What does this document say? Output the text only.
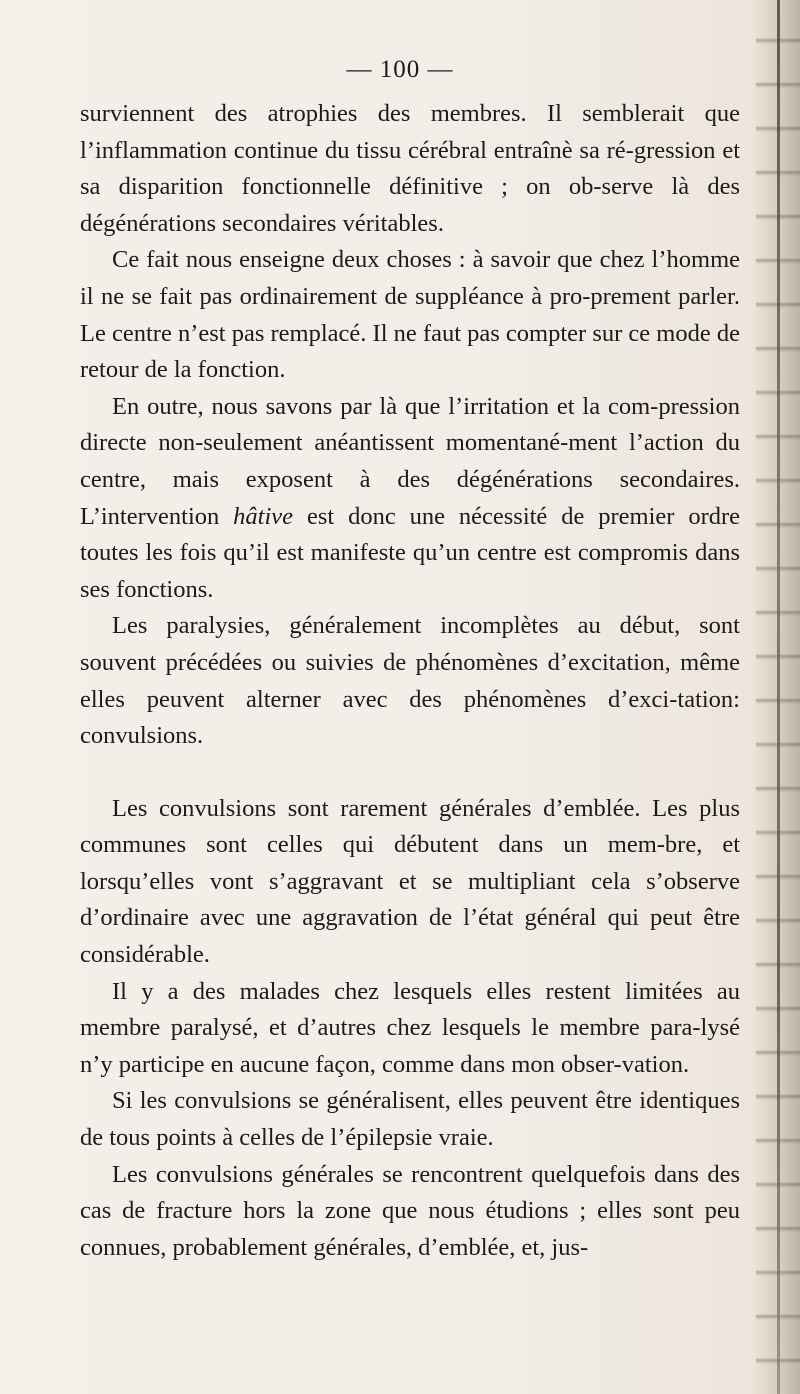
— 100 —

surviennent des atrophies des membres. Il semblerait que l’inflammation continue du tissu cérébral entraînè sa ré-gression et sa disparition fonctionnelle définitive ; on ob-serve là des dégénérations secondaires véritables.

Ce fait nous enseigne deux choses : à savoir que chez l’homme il ne se fait pas ordinairement de suppléance à pro-prement parler. Le centre n’est pas remplacé. Il ne faut pas compter sur ce mode de retour de la fonction.

En outre, nous savons par là que l’irritation et la com-pression directe non-seulement anéantissent momentané-ment l’action du centre, mais exposent à des dégénérations secondaires. L’intervention hâtive est donc une nécessité de premier ordre toutes les fois qu’il est manifeste qu’un centre est compromis dans ses fonctions.

Les paralysies, généralement incomplètes au début, sont souvent précédées ou suivies de phénomènes d’excitation, même elles peuvent alterner avec des phénomènes d’exci-tation: convulsions.

Les convulsions sont rarement générales d’emblée. Les plus communes sont celles qui débutent dans un mem-bre, et lorsqu’elles vont s’aggravant et se multipliant cela s’observe d’ordinaire avec une aggravation de l’état général qui peut être considérable.

Il y a des malades chez lesquels elles restent limitées au membre paralysé, et d’autres chez lesquels le membre para-lysé n’y participe en aucune façon, comme dans mon obser-vation.

Si les convulsions se généralisent, elles peuvent être identiques de tous points à celles de l’épilepsie vraie.

Les convulsions générales se rencontrent quelquefois dans des cas de fracture hors la zone que nous étudions ; elles sont peu connues, probablement générales, d’emblée, et, jus-
